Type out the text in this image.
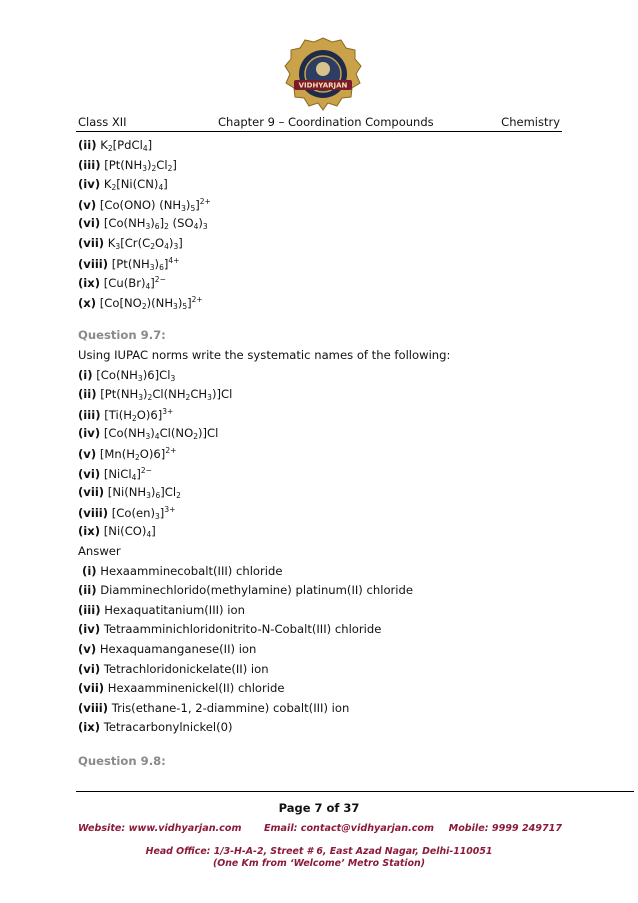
VIDHYARJAN
Class XII	Chapter 9 – Coordination Compounds	Chemistry
(ii) $K_2[PdCl_4]$
(iii) $[Pt(NH_3)_2Cl_2]$
(iv) $K_2[Ni(CN)_4]$
(v) [Co(ONO) $(NH_3)_5]^{2+}$
(vi) $[Co(NH_3)_6]_2$ $(SO_4)_3$
(vii) $K_3[Cr(C_2O_4)_3]$
(viii) $[Pt(NH_3)_6]^{4+}$
(ix) $[Cu(Br)_4]^{2-}$
(x) $[Co[NO_2)(NH_3)_5]^{2+}$
Question 9.7:
Using IUPAC norms write the systematic names of the following:
(i) $[Co(NH_3)6]Cl_3$
(ii) $[Pt(NH_3)_2Cl(NH_2CH_3)]Cl$
(iii) $[Ti(H_2O)6]^{3+}$
(iv) $[Co(NH_3)_4Cl(NO_2)]Cl$
(v) $[Mn(H_2O)6]^{2+}$
(vi) [NiCl$_4$]$^{2-}$
(vii) $[Ni(NH_3)_6]Cl_2$
(viii) $[Co(en)_3]^{3+}$
(ix) $[Ni(CO)_4]$
Answer
(i) Hexaamminecobalt(III) chloride
(ii) Diamminechlorido(methylamine) platinum(II) chloride
(iii) Hexaquatitanium(III) ion
(iv) Tetraamminichloridonitrito-N-Cobalt(III) chloride
(v) Hexaquamanganese(II) ion
(vi) Tetrachloridonickelate(II) ion
(vii) Hexaamminenickel(II) chloride
(viii) Tris(ethane-1, 2-diammine) cobalt(III) ion
(ix) Tetracarbonylnickel(0)
Question 9.8:
Page 7 of 37
Website: www.vidhyarjan.com Email: contact@vidhyarjan.com Mobile: 9999 249717
Head Office: 1/3-H-A-2, Street # 6, East Azad Nagar, Delhi-110051
(One Km from ‘Welcome’ Metro Station)
